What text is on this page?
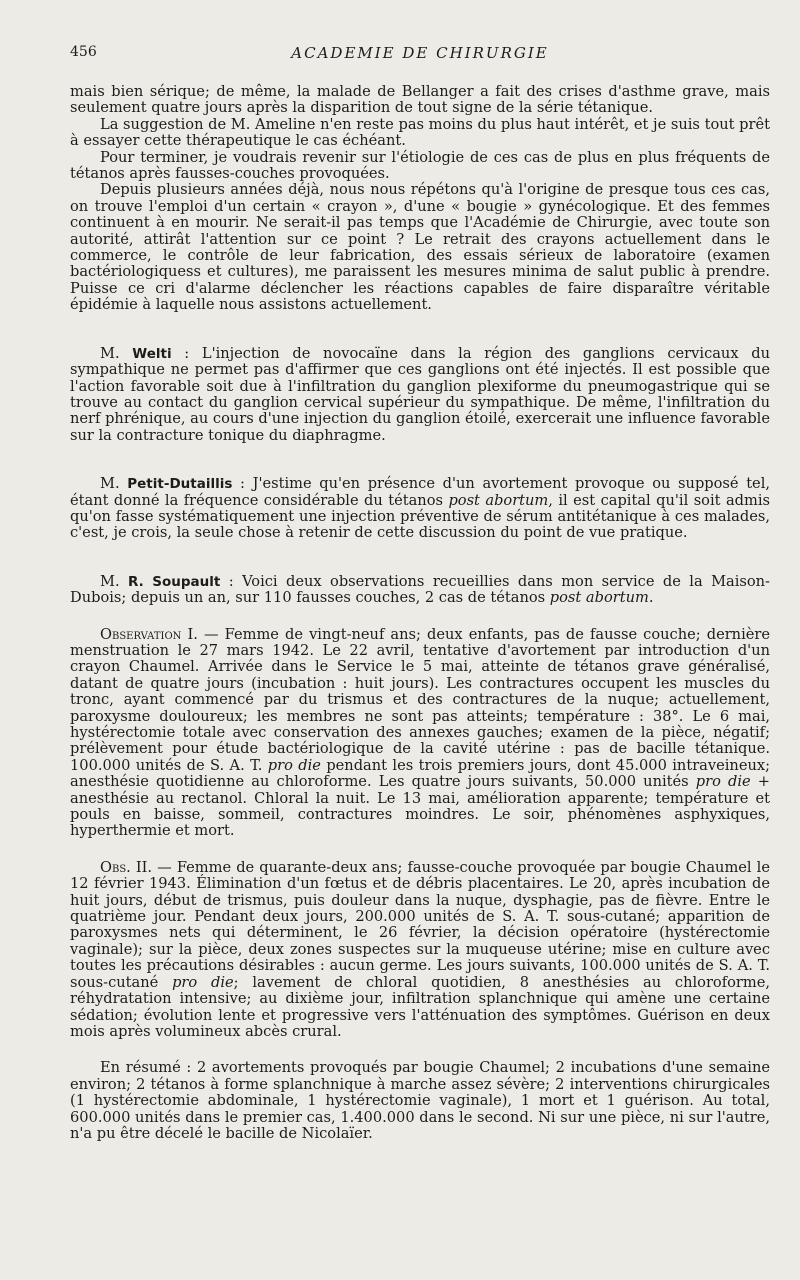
456	ACADEMIE DE CHIRURGIE

mais bien sérique; de même, la malade de Bellanger a fait des crises d'asthme grave, mais seulement quatre jours après la disparition de tout signe de la série tétanique.

La suggestion de M. Ameline n'en reste pas moins du plus haut intérêt, et je suis tout prêt à essayer cette thérapeutique le cas échéant.

Pour terminer, je voudrais revenir sur l'étiologie de ces cas de plus en plus fréquents de tétanos après fausses-couches provoquées.

Depuis plusieurs années déjà, nous nous répétons qu'à l'origine de presque tous ces cas, on trouve l'emploi d'un certain « crayon », d'une « bougie » gynécologique. Et des femmes continuent à en mourir. Ne serait-il pas temps que l'Académie de Chirurgie, avec toute son autorité, attirât l'attention sur ce point ? Le retrait des crayons actuellement dans le commerce, le contrôle de leur fabrication, des essais sérieux de laboratoire (examen bactériologiquess et cultures), me paraissent les mesures minima de salut public à prendre. Puisse ce cri d'alarme déclencher les réactions capables de faire disparaître véritable épidémie à laquelle nous assistons actuellement.

M. Welti : L'injection de novocaïne dans la région des ganglions cervicaux du sympathique ne permet pas d'affirmer que ces ganglions ont été injectés. Il est possible que l'action favorable soit due à l'infiltration du ganglion plexiforme du pneumogastrique qui se trouve au contact du ganglion cervical supérieur du sympathique. De même, l'infiltration du nerf phrénique, au cours d'une injection du ganglion étoilé, exercerait une influence favorable sur la contracture tonique du diaphragme.

M. Petit-Dutaillis : J'estime qu'en présence d'un avortement provoque ou supposé tel, étant donné la fréquence considérable du tétanos post abortum, il est capital qu'il soit admis qu'on fasse systématiquement une injection préventive de sérum antitétanique à ces malades, c'est, je crois, la seule chose à retenir de cette discussion du point de vue pratique.

M. R. Soupault : Voici deux observations recueillies dans mon service de la Maison-Dubois; depuis un an, sur 110 fausses couches, 2 cas de tétanos post abortum.

Observation I. — Femme de vingt-neuf ans; deux enfants, pas de fausse couche; dernière menstruation le 27 mars 1942. Le 22 avril, tentative d'avortement par introduction d'un crayon Chaumel. Arrivée dans le Service le 5 mai, atteinte de tétanos grave généralisé, datant de quatre jours (incubation : huit jours). Les contractures occupent les muscles du tronc, ayant commencé par du trismus et des contractures de la nuque; actuellement, paroxysme douloureux; les membres ne sont pas atteints; température : 38°. Le 6 mai, hystérectomie totale avec conservation des annexes gauches; examen de la pièce, négatif; prélèvement pour étude bactériologique de la cavité utérine : pas de bacille tétanique. 100.000 unités de S. A. T. pro die pendant les trois premiers jours, dont 45.000 intraveineux; anesthésie quotidienne au chloroforme. Les quatre jours suivants, 50.000 unités pro die + anesthésie au rectanol. Chloral la nuit. Le 13 mai, amélioration apparente; température et pouls en baisse, sommeil, contractures moindres. Le soir, phénomènes asphyxiques, hyperthermie et mort.

Obs. II. — Femme de quarante-deux ans; fausse-couche provoquée par bougie Chaumel le 12 février 1943. Élimination d'un fœtus et de débris placentaires. Le 20, après incubation de huit jours, début de trismus, puis douleur dans la nuque, dysphagie, pas de fièvre. Entre le quatrième jour. Pendant deux jours, 200.000 unités de S. A. T. sous-cutané; apparition de paroxysmes nets qui déterminent, le 26 février, la décision opératoire (hystérectomie vaginale); sur la pièce, deux zones suspectes sur la muqueuse utérine; mise en culture avec toutes les précautions désirables : aucun germe. Les jours suivants, 100.000 unités de S. A. T. sous-cutané pro die; lavement de chloral quotidien, 8 anesthésies au chloroforme, réhydratation intensive; au dixième jour, infiltration splanchnique qui amène une certaine sédation; évolution lente et progressive vers l'atténuation des symptômes. Guérison en deux mois après volumineux abcès crural.

En résumé : 2 avortements provoqués par bougie Chaumel; 2 incubations d'une semaine environ; 2 tétanos à forme splanchnique à marche assez sévère; 2 interventions chirurgicales (1 hystérectomie abdominale, 1 hystérectomie vaginale), 1 mort et 1 guérison. Au total, 600.000 unités dans le premier cas, 1.400.000 dans le second. Ni sur une pièce, ni sur l'autre, n'a pu être décelé le bacille de Nicolaïer.
